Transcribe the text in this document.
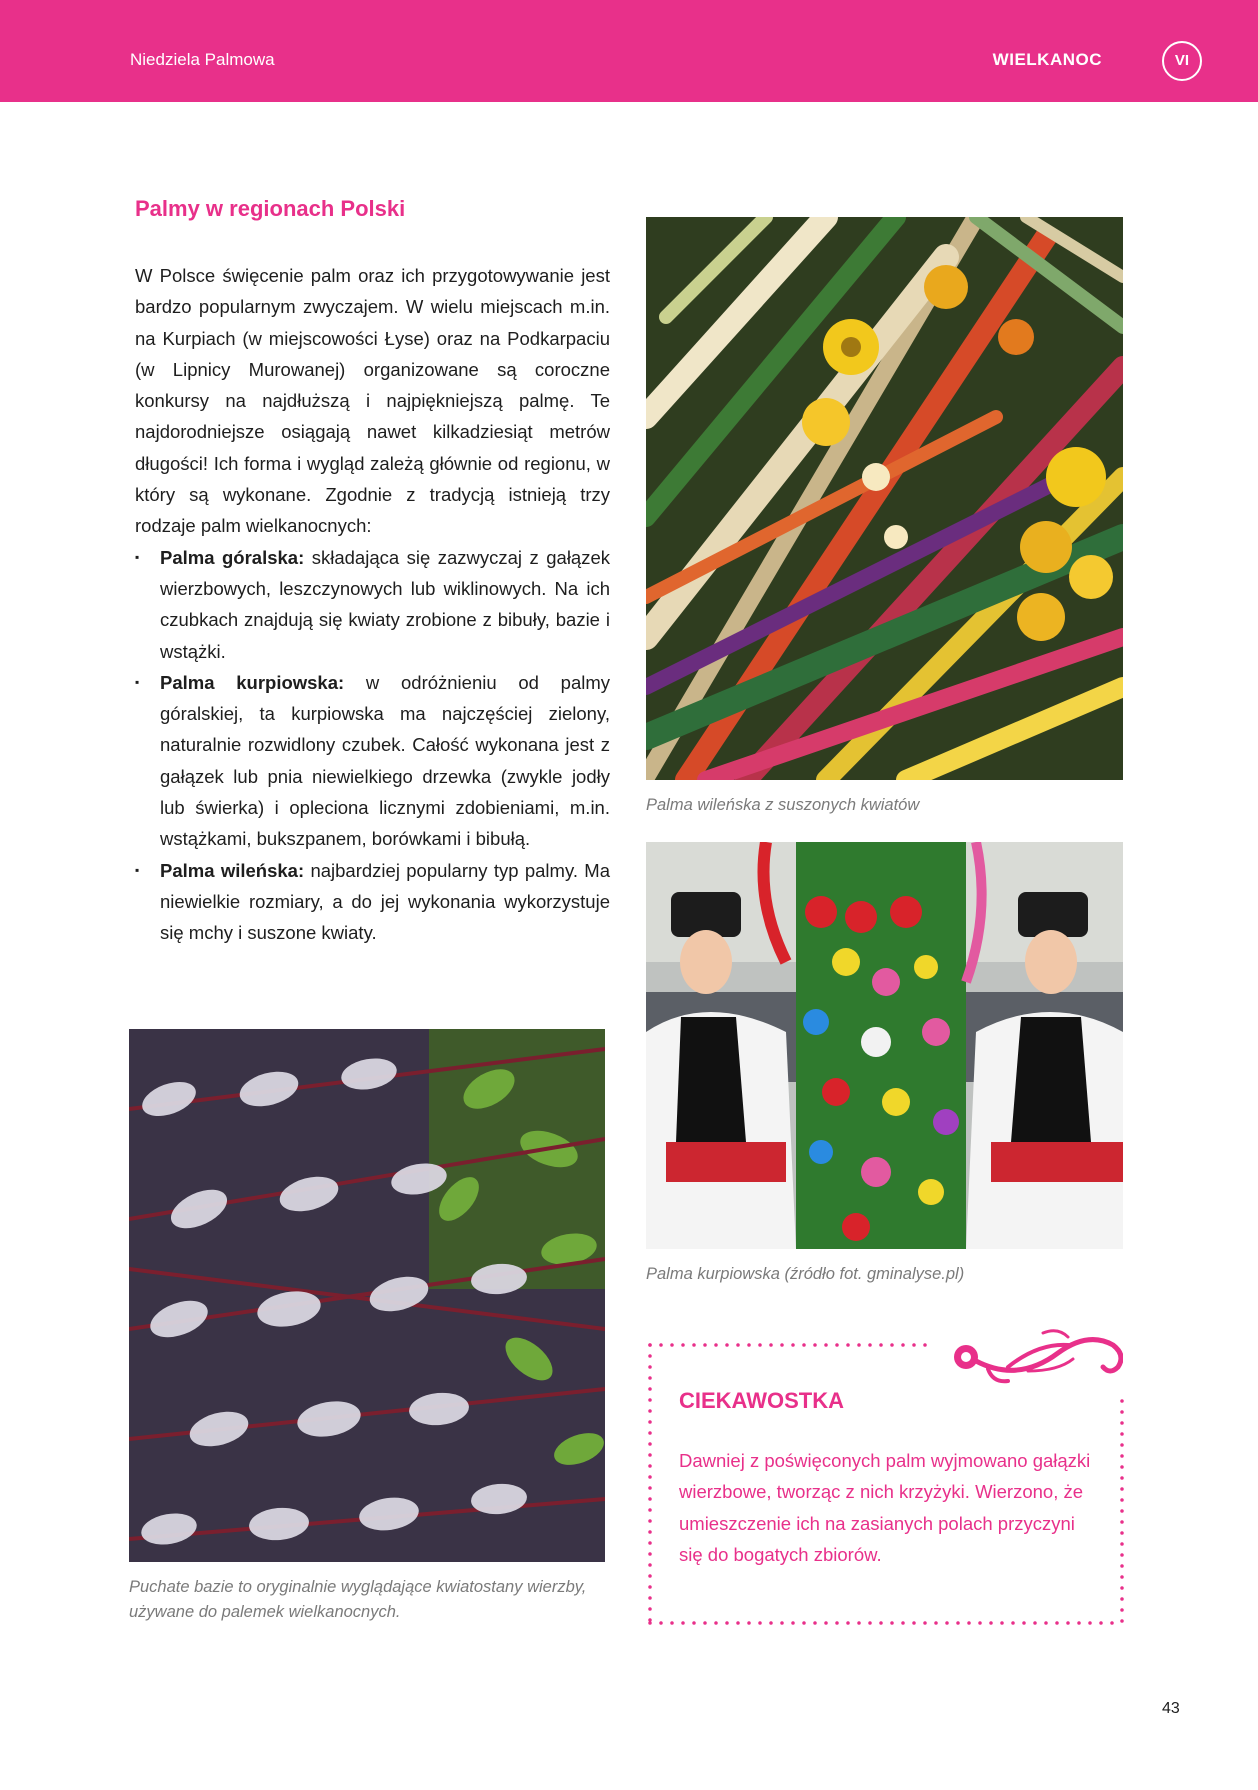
Niedziela Palmowa	WIELKANOC	VI
Palmy w regionach Polski

W Polsce święcenie palm oraz ich przygotowywanie jest bardzo popularnym zwyczajem. W wielu miejscach m.in. na Kurpiach (w miejscowości Łyse) oraz na Podkarpaciu (w Lipnicy Murowanej) organizowane są coroczne konkursy na najdłuższą i najpiękniejszą palmę. Te najdorodniejsze osiągają nawet kilkadziesiąt metrów długości! Ich forma i wygląd zależą głównie od regionu, w który są wykonane. Zgodnie z tradycją istnieją trzy rodzaje palm wielkanocnych:

▪ Palma góralska: składająca się zazwyczaj z gałązek wierzbowych, leszczynowych lub wiklinowych. Na ich czubkach znajdują się kwiaty zrobione z bibuły, bazie i wstążki.
▪ Palma kurpiowska: w odróżnieniu od palmy góralskiej, ta kurpiowska ma najczęściej zielony, naturalnie rozwidlony czubek. Całość wykonana jest z gałązek lub pnia niewielkiego drzewka (zwykle jodły lub świerka) i opleciona licznymi zdobieniami, m.in. wstążkami, bukszpanem, borówkami i bibułą.
▪ Palma wileńska: najbardziej popularny typ palmy. Ma niewielkie rozmiary, a do jej wykonania wykorzystuje się mchy i suszone kwiaty.

Palma wileńska z suszonych kwiatów

Palma kurpiowska (źródło fot. gminalyse.pl)

Puchate bazie to oryginalnie wyglądające kwiatostany wierzby, używane do palemek wielkanocnych.

CIEKAWOSTKA

Dawniej z poświęconych palm wyjmowano gałązki wierzbowe, tworząc z nich krzyżyki. Wierzono, że umieszczenie ich na zasianych polach przyczyni się do bogatych zbiorów.

43
